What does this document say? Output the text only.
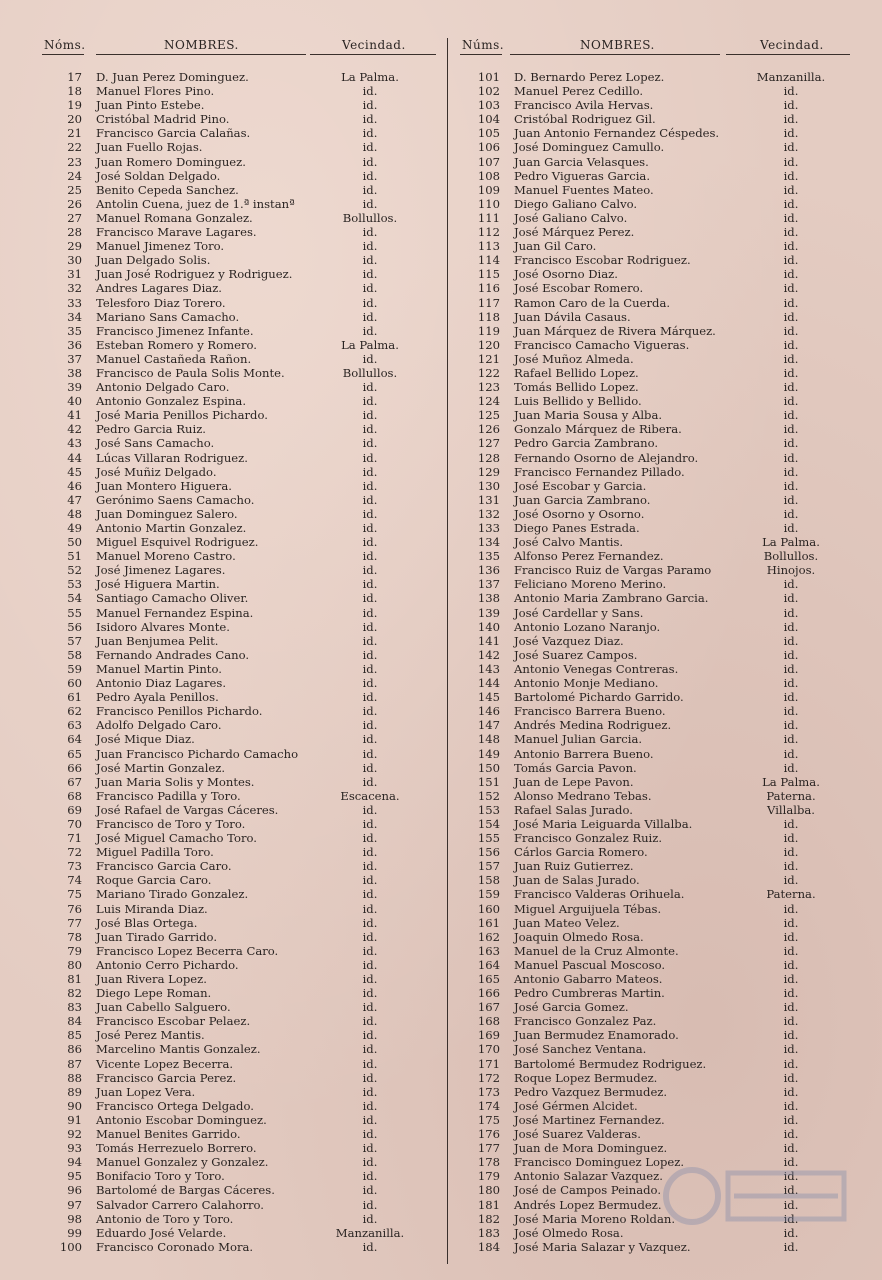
Nóms.	NOMBRES.	Vecindad.
17 D. Juan Perez Dominguez.	La Palma.
18 Manuel Flores Pino.	id.
19 Juan Pinto Estebe.	id.
20 Cristóbal Madrid Pino.	id.
21 Francisco Garcia Calañas.	id.
22 Juan Fuello Rojas.	id.
23 Juan Romero Dominguez.	id.
24 José Soldan Delgado.	id.
25 Benito Cepeda Sanchez.	id.
26 Antolin Cuena, juez de 1.ª instanª	id.
27 Manuel Romana Gonzalez.	Bollullos.
28 Francisco Marave Lagares.	id.
29 Manuel Jimenez Toro.	id.
30 Juan Delgado Solis.	id.
31 Juan José Rodriguez y Rodriguez.	id.
32 Andres Lagares Diaz.	id.
33 Telesforo Diaz Torero.	id.
34 Mariano Sans Camacho.	id.
35 Francisco Jimenez Infante.	id.
36 Esteban Romero y Romero.	La Palma.
37 Manuel Castañeda Rañon.	id.
38 Francisco de Paula Solis Monte.	Bollullos.
39 Antonio Delgado Caro.	id.
40 Antonio Gonzalez Espina.	id.
41 José Maria Penillos Pichardo.	id.
42 Pedro Garcia Ruiz.	id.
43 José Sans Camacho.	id.
44 Lúcas Villaran Rodriguez.	id.
45 José Muñiz Delgado.	id.
46 Juan Montero Higuera.	id.
47 Gerónimo Saens Camacho.	id.
48 Juan Dominguez Salero.	id.
49 Antonio Martin Gonzalez.	id.
50 Miguel Esquivel Rodriguez.	id.
51 Manuel Moreno Castro.	id.
52 José Jimenez Lagares.	id.
53 José Higuera Martin.	id.
54 Santiago Camacho Oliver.	id.
55 Manuel Fernandez Espina.	id.
56 Isidoro Alvares Monte.	id.
57 Juan Benjumea Pelit.	id.
58 Fernando Andrades Cano.	id.
59 Manuel Martin Pinto.	id.
60 Antonio Diaz Lagares.	id.
61 Pedro Ayala Penillos.	id.
62 Francisco Penillos Pichardo.	id.
63 Adolfo Delgado Caro.	id.
64 José Mique Diaz.	id.
65 Juan Francisco Pichardo Camacho	id.
66 José Martin Gonzalez.	id.
67 Juan Maria Solis y Montes.	id.
68 Francisco Padilla y Toro.	Escacena.
69 José Rafael de Vargas Cáceres.	id.
70 Francisco de Toro y Toro.	id.
71 José Miguel Camacho Toro.	id.
72 Miguel Padilla Toro.	id.
73 Francisco Garcia Caro.	id.
74 Roque Garcia Caro.	id.
75 Mariano Tirado Gonzalez.	id.
76 Luis Miranda Diaz.	id.
77 José Blas Ortega.	id.
78 Juan Tirado Garrido.	id.
79 Francisco Lopez Becerra Caro.	id.
80 Antonio Cerro Pichardo.	id.
81 Juan Rivera Lopez.	id.
82 Diego Lepe Roman.	id.
83 Juan Cabello Salguero.	id.
84 Francisco Escobar Pelaez.	id.
85 José Perez Mantis.	id.
86 Marcelino Mantis Gonzalez.	id.
87 Vicente Lopez Becerra.	id.
88 Francisco Garcia Perez.	id.
89 Juan Lopez Vera.	id.
90 Francisco Ortega Delgado.	id.
91 Antonio Escobar Dominguez.	id.
92 Manuel Benites Garrido.	id.
93 Tomás Herrezuelo Borrero.	id.
94 Manuel Gonzalez y Gonzalez.	id.
95 Bonifacio Toro y Toro.	id.
96 Bartolomé de Bargas Cáceres.	id.
97 Salvador Carrero Calahorro.	id.
98 Antonio de Toro y Toro.	id.
99 Eduardo José Velarde.	Manzanilla.
100 Francisco Coronado Mora.	id.
Núms.	NOMBRES.	Vecindad.
101 D. Bernardo Perez Lopez.	Manzanilla.
102 Manuel Perez Cedillo.	id.
103 Francisco Avila Hervas.	id.
104 Cristóbal Rodriguez Gil.	id.
105 Juan Antonio Fernandez Céspedes.	id.
106 José Dominguez Camullo.	id.
107 Juan Garcia Velasques.	id.
108 Pedro Vigueras Garcia.	id.
109 Manuel Fuentes Mateo.	id.
110 Diego Galiano Calvo.	id.
111 José Galiano Calvo.	id.
112 José Márquez Perez.	id.
113 Juan Gil Caro.	id.
114 Francisco Escobar Rodriguez.	id.
115 José Osorno Diaz.	id.
116 José Escobar Romero.	id.
117 Ramon Caro de la Cuerda.	id.
118 Juan Dávila Casaus.	id.
119 Juan Márquez de Rivera Márquez.	id.
120 Francisco Camacho Vigueras.	id.
121 José Muñoz Almeda.	id.
122 Rafael Bellido Lopez.	id.
123 Tomás Bellido Lopez.	id.
124 Luis Bellido y Bellido.	id.
125 Juan Maria Sousa y Alba.	id.
126 Gonzalo Márquez de Ribera.	id.
127 Pedro Garcia Zambrano.	id.
128 Fernando Osorno de Alejandro.	id.
129 Francisco Fernandez Pillado.	id.
130 José Escobar y Garcia.	id.
131 Juan Garcia Zambrano.	id.
132 José Osorno y Osorno.	id.
133 Diego Panes Estrada.	id.
134 José Calvo Mantis.	La Palma.
135 Alfonso Perez Fernandez.	Bollullos.
136 Francisco Ruiz de Vargas Paramo	Hinojos.
137 Feliciano Moreno Merino.	id.
138 Antonio Maria Zambrano Garcia.	id.
139 José Cardellar y Sans.	id.
140 Antonio Lozano Naranjo.	id.
141 José Vazquez Diaz.	id.
142 José Suarez Campos.	id.
143 Antonio Venegas Contreras.	id.
144 Antonio Monje Mediano.	id.
145 Bartolomé Pichardo Garrido.	id.
146 Francisco Barrera Bueno.	id.
147 Andrés Medina Rodriguez.	id.
148 Manuel Julian Garcia.	id.
149 Antonio Barrera Bueno.	id.
150 Tomás Garcia Pavon.	id.
151 Juan de Lepe Pavon.	La Palma.
152 Alonso Medrano Tebas.	Paterna.
153 Rafael Salas Jurado.	Villalba.
154 José Maria Leiguarda Villalba.	id.
155 Francisco Gonzalez Ruiz.	id.
156 Cárlos Garcia Romero.	id.
157 Juan Ruiz Gutierrez.	id.
158 Juan de Salas Jurado.	id.
159 Francisco Valderas Orihuela.	Paterna.
160 Miguel Arguijuela Tébas.	id.
161 Juan Mateo Velez.	id.
162 Joaquin Olmedo Rosa.	id.
163 Manuel de la Cruz Almonte.	id.
164 Manuel Pascual Moscoso.	id.
165 Antonio Gabarro Mateos.	id.
166 Pedro Cumbreras Martin.	id.
167 José Garcia Gomez.	id.
168 Francisco Gonzalez Paz.	id.
169 Juan Bermudez Enamorado.	id.
170 José Sanchez Ventana.	id.
171 Bartolomé Bermudez Rodriguez.	id.
172 Roque Lopez Bermudez.	id.
173 Pedro Vazquez Bermudez.	id.
174 José Gérmen Alcidet.	id.
175 José Martinez Fernandez.	id.
176 José Suarez Valderas.	id.
177 Juan de Mora Dominguez.	id.
178 Francisco Dominguez Lopez.	id.
179 Antonio Salazar Vazquez.	id.
180 José de Campos Peinado.	id.
181 Andrés Lopez Bermudez.	id.
182 José Maria Moreno Roldan.	id.
183 José Olmedo Rosa.	id.
184 José Maria Salazar y Vazquez.	id.
